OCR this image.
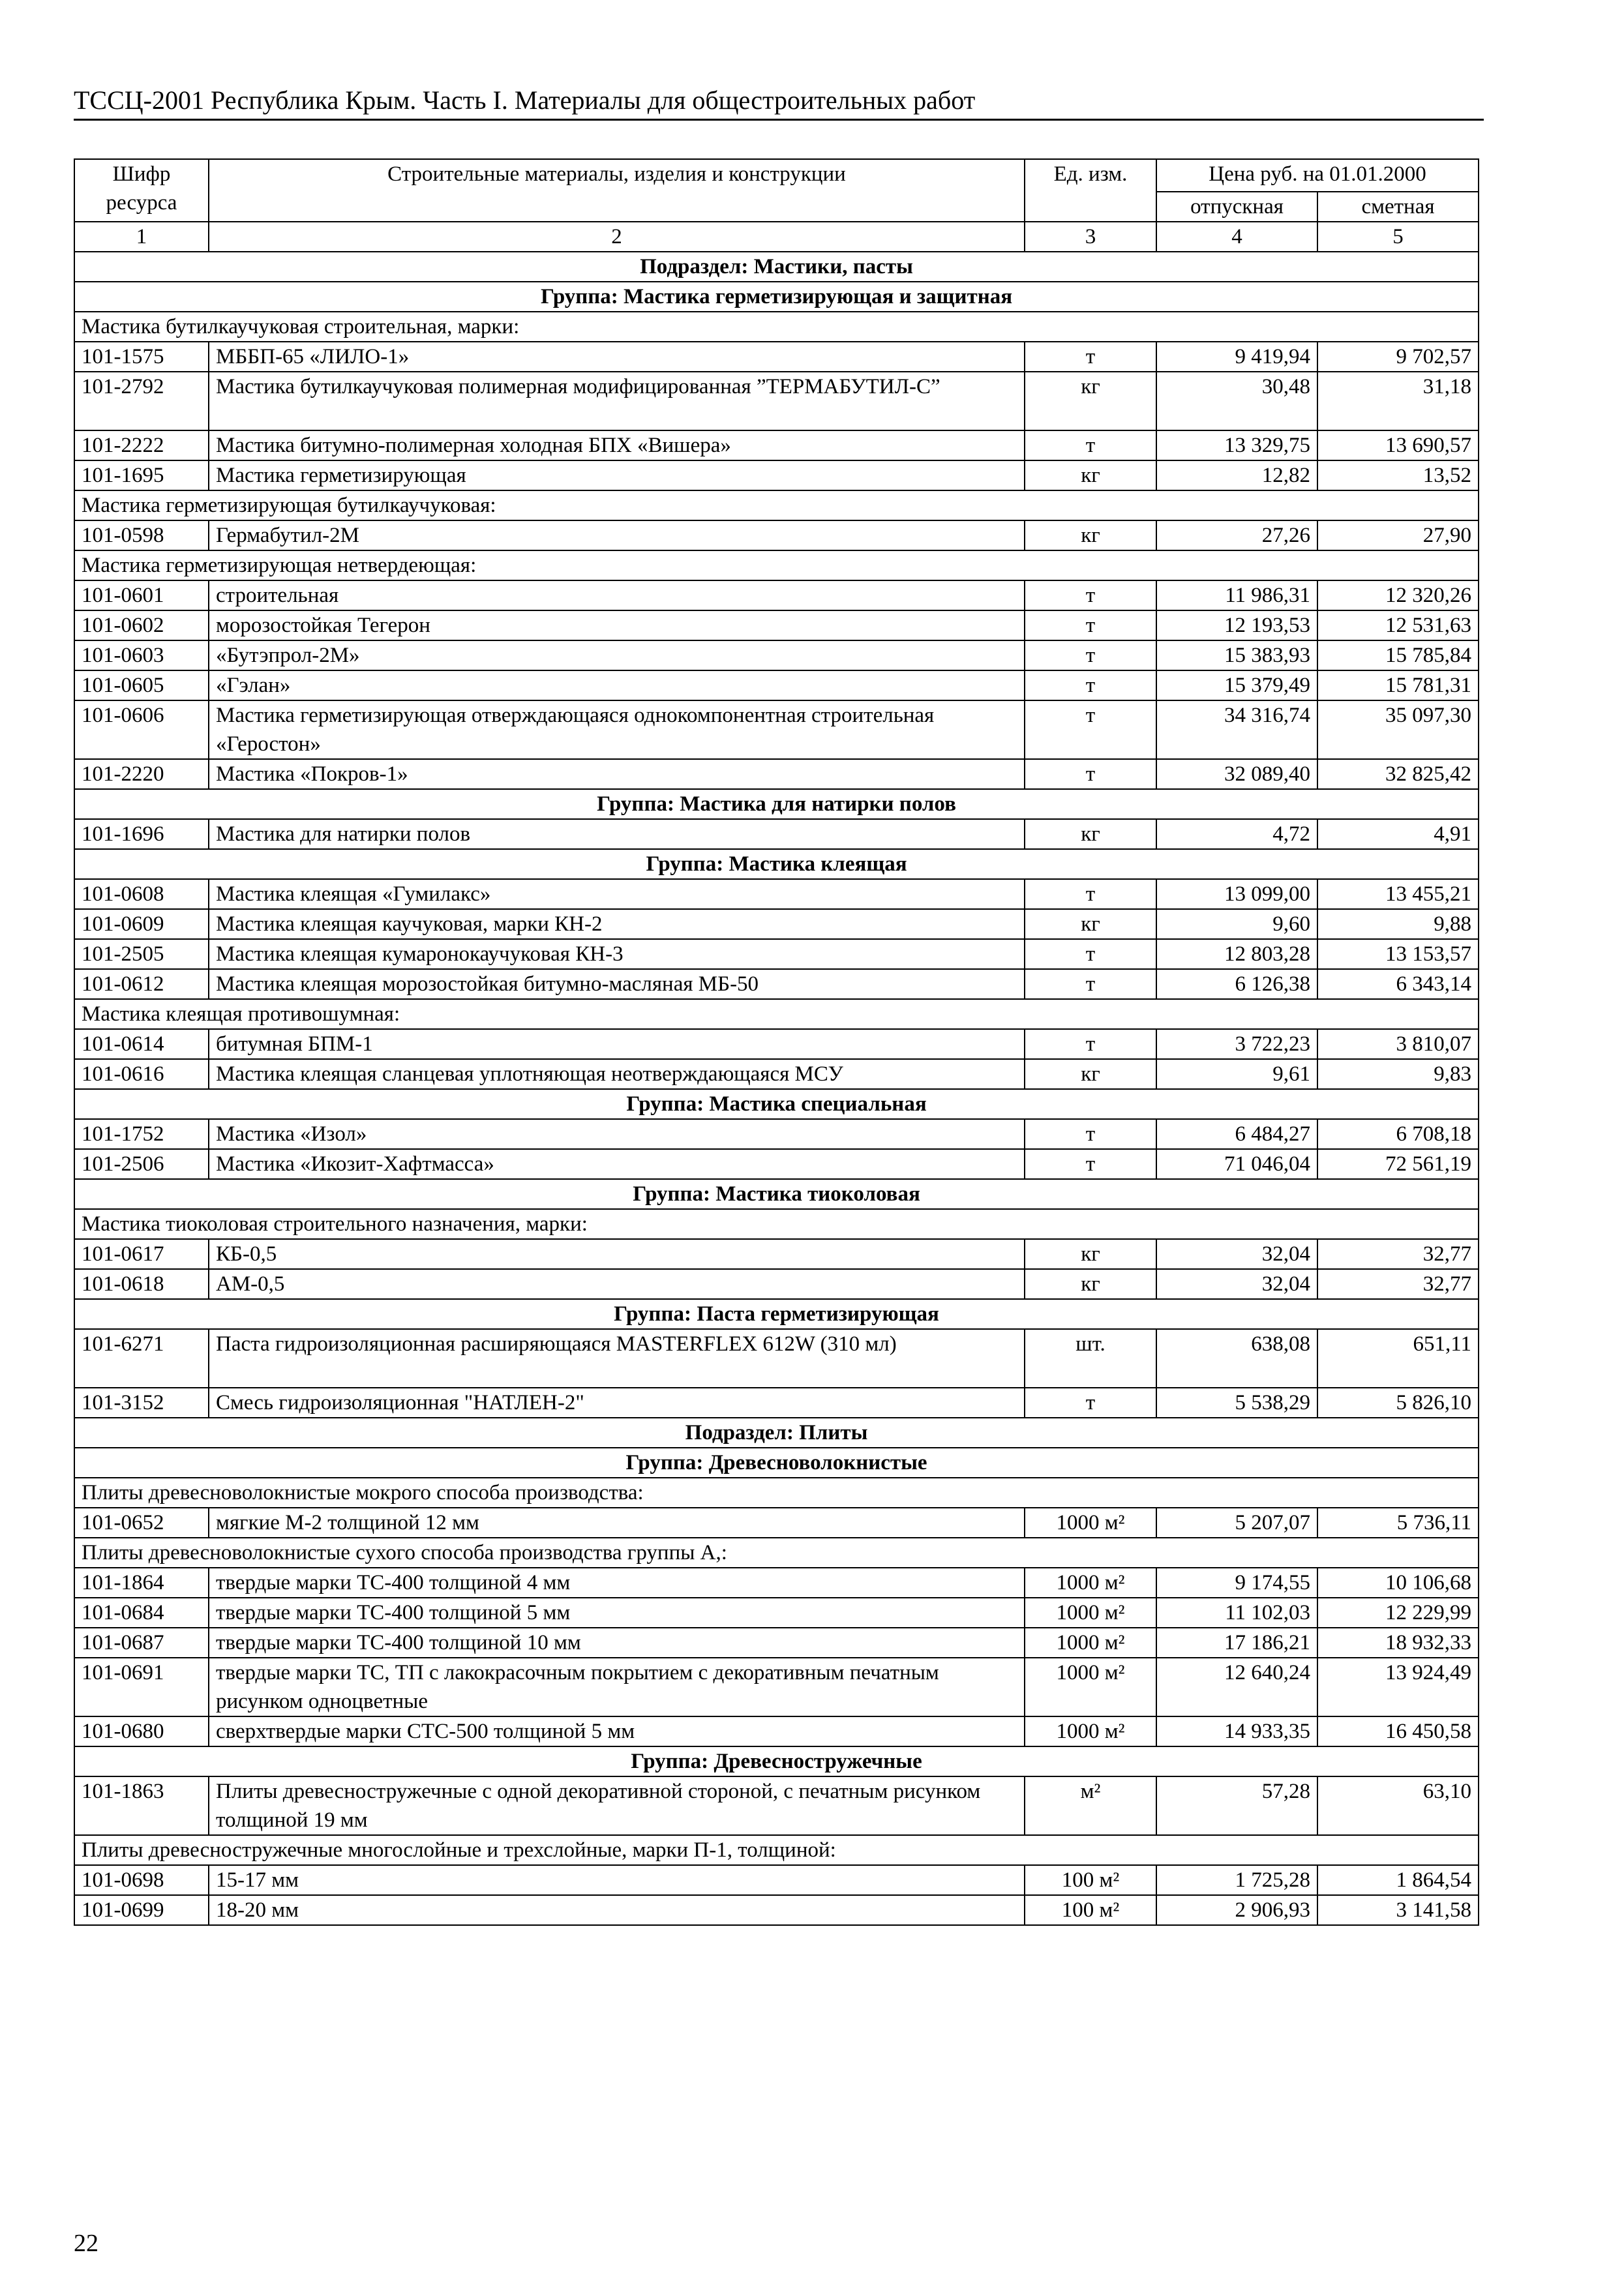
ТССЦ-2001 Республика Крым. Часть I. Материалы для общестроительных работ
Шифр ресурса	Строительные материалы, изделия и конструкции	Ед. изм.	Цена руб. на 01.01.2000	
			отпускная	сметная
1	2	3	4	5
Подраздел: Мастики, пасты				
Группа: Мастика герметизирующая и защитная				
Мастика бутилкаучуковая строительная, марки:				
101-1575	МББП-65 «ЛИЛО-1»	т	9 419,94	9 702,57
101-2792	Мастика бутилкаучуковая полимерная модифицированная ”ТЕРМАБУТИЛ-С”	кг	30,48	31,18
101-2222	Мастика битумно-полимерная холодная БПХ «Вишера»	т	13 329,75	13 690,57
101-1695	Мастика герметизирующая	кг	12,82	13,52
Мастика герметизирующая бутилкаучуковая:				
101-0598	Гермабутил-2М	кг	27,26	27,90
Мастика герметизирующая нетвердеющая:				
101-0601	строительная	т	11 986,31	12 320,26
101-0602	морозостойкая Тегерон	т	12 193,53	12 531,63
101-0603	«Бутэпрол-2М»	т	15 383,93	15 785,84
101-0605	«Гэлан»	т	15 379,49	15 781,31
101-0606	Мастика герметизирующая отверждающаяся однокомпонентная строительная «Геростон»	т	34 316,74	35 097,30
101-2220	Мастика «Покров-1»	т	32 089,40	32 825,42
Группа: Мастика для натирки полов				
101-1696	Мастика для натирки полов	кг	4,72	4,91
Группа: Мастика клеящая				
101-0608	Мастика клеящая «Гумилакс»	т	13 099,00	13 455,21
101-0609	Мастика клеящая каучуковая, марки КН-2	кг	9,60	9,88
101-2505	Мастика клеящая кумаронокаучуковая КН-3	т	12 803,28	13 153,57
101-0612	Мастика клеящая морозостойкая битумно-масляная МБ-50	т	6 126,38	6 343,14
Мастика клеящая противошумная:				
101-0614	битумная БПМ-1	т	3 722,23	3 810,07
101-0616	Мастика клеящая сланцевая уплотняющая неотверждающаяся МСУ	кг	9,61	9,83
Группа: Мастика специальная				
101-1752	Мастика «Изол»	т	6 484,27	6 708,18
101-2506	Мастика «Икозит-Хафтмасса»	т	71 046,04	72 561,19
Группа: Мастика тиоколовая				
Мастика тиоколовая строительного назначения, марки:				
101-0617	КБ-0,5	кг	32,04	32,77
101-0618	АМ-0,5	кг	32,04	32,77
Группа: Паста герметизирующая				
101-6271	Паста гидроизоляционная расширяющаяся MASTERFLEX 612W (310 мл)	шт.	638,08	651,11
101-3152	Смесь гидроизоляционная "НАТЛЕН-2"	т	5 538,29	5 826,10
Подраздел: Плиты				
Группа: Древесноволокнистые				
Плиты древесноволокнистые мокрого способа производства:				
101-0652	мягкие М-2 толщиной 12 мм	1000 м²	5 207,07	5 736,11
Плиты древесноволокнистые сухого способа производства группы А,:				
101-1864	твердые марки ТС-400 толщиной 4 мм	1000 м²	9 174,55	10 106,68
101-0684	твердые марки ТС-400 толщиной 5 мм	1000 м²	11 102,03	12 229,99
101-0687	твердые марки ТС-400 толщиной 10 мм	1000 м²	17 186,21	18 932,33
101-0691	твердые марки ТС, ТП с лакокрасочным покрытием с декоративным печатным рисунком одноцветные	1000 м²	12 640,24	13 924,49
101-0680	сверхтвердые марки СТС-500 толщиной 5 мм	1000 м²	14 933,35	16 450,58
Группа: Древесностружечные				
101-1863	Плиты древесностружечные с одной декоративной стороной, с печатным рисунком толщиной 19 мм	м²	57,28	63,10
Плиты древесностружечные многослойные и трехслойные, марки П-1, толщиной:				
101-0698	15-17 мм	100 м²	1 725,28	1 864,54
101-0699	18-20 мм	100 м²	2 906,93	3 141,58
22
